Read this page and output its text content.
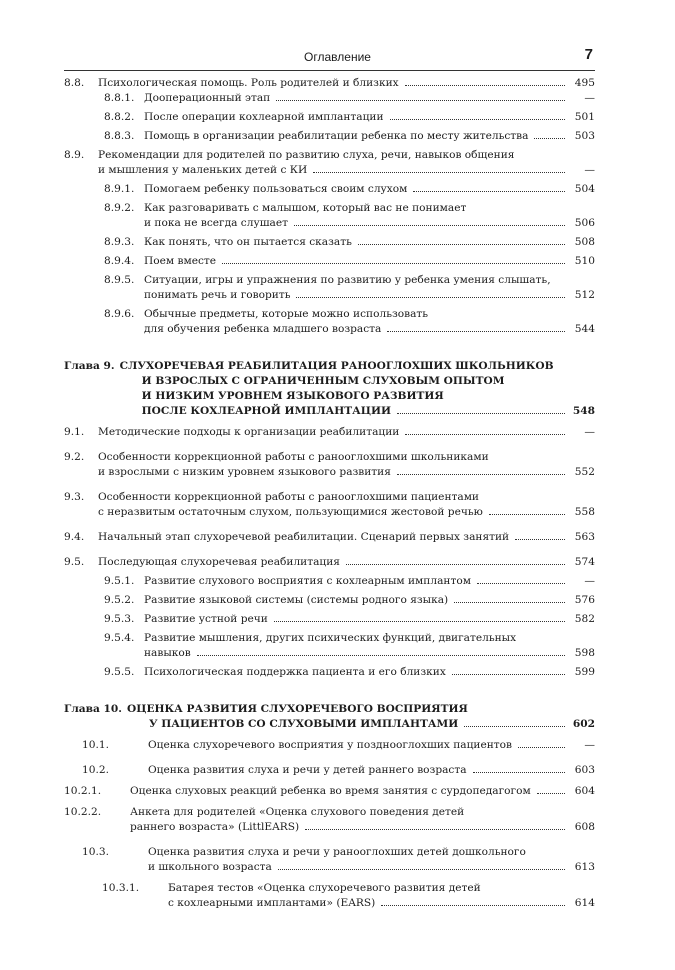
Оглавление	7
8.8.	Психологическая помощь. Роль родителей и близких	495
8.8.1. Дооперационный этап	—
8.8.2. После операции кохлеарной имплантации	501
8.8.3. Помощь в организации реабилитации ребенка по месту жительства	503
8.9.	Рекомендации для родителей по развитию слуха, речи, навыков общения
и мышления у маленьких детей с КИ	—
8.9.1. Помогаем ребенку пользоваться своим слухом	504
8.9.2. Как разговаривать с малышом, который вас не понимает
и пока не всегда слушает	506
8.9.3. Как понять, что он пытается сказать	508
8.9.4. Поем вместе	510
8.9.5. Ситуации, игры и упражнения по развитию у ребенка умения слышать,
понимать речь и говорить	512
8.9.6. Обычные предметы, которые можно использовать
для обучения ребенка младшего возраста	544
Глава 9. СЛУХОРЕЧЕВАЯ РЕАБИЛИТАЦИЯ РАНООГЛОХШИХ ШКОЛЬНИКОВ
И ВЗРОСЛЫХ С ОГРАНИЧЕННЫМ СЛУХОВЫМ ОПЫТОМ
И НИЗКИМ УРОВНЕМ ЯЗЫКОВОГО РАЗВИТИЯ
ПОСЛЕ КОХЛЕАРНОЙ ИМПЛАНТАЦИИ	548
9.1.	Методические подходы к организации реабилитации	—
9.2.	Особенности коррекционной работы с ранооглохшими школьниками
и взрослыми с низким уровнем языкового развития	552
9.3.	Особенности коррекционной работы с ранооглохшими пациентами
с неразвитым остаточным слухом, пользующимися жестовой речью	558
9.4.	Начальный этап слухоречевой реабилитации. Сценарий первых занятий	563
9.5.	Последующая слухоречевая реабилитация	574
9.5.1. Развитие слухового восприятия с кохлеарным имплантом	—
9.5.2. Развитие языковой системы (системы родного языка)	576
9.5.3. Развитие устной речи	582
9.5.4. Развитие мышления, других психических функций, двигательных
навыков	598
9.5.5. Психологическая поддержка пациента и его близких	599
Глава 10. ОЦЕНКА РАЗВИТИЯ СЛУХОРЕЧЕВОГО ВОСПРИЯТИЯ
У ПАЦИЕНТОВ СО СЛУХОВЫМИ ИМПЛАНТАМИ	602
10.1.	Оценка слухоречевого восприятия у позднооглохших пациентов	—
10.2.	Оценка развития слуха и речи у детей раннего возраста	603
10.2.1.	Оценка слуховых реакций ребенка во время занятия с сурдопедагогом	604
10.2.2.	Анкета для родителей «Оценка слухового поведения детей
раннего возраста» (LittlEARS)	608
10.3.	Оценка развития слуха и речи у ранооглохших детей дошкольного
и школьного возраста	613
10.3.1.	Батарея тестов «Оценка слухоречевого развития детей
с кохлеарными имплантами» (EARS)	614
